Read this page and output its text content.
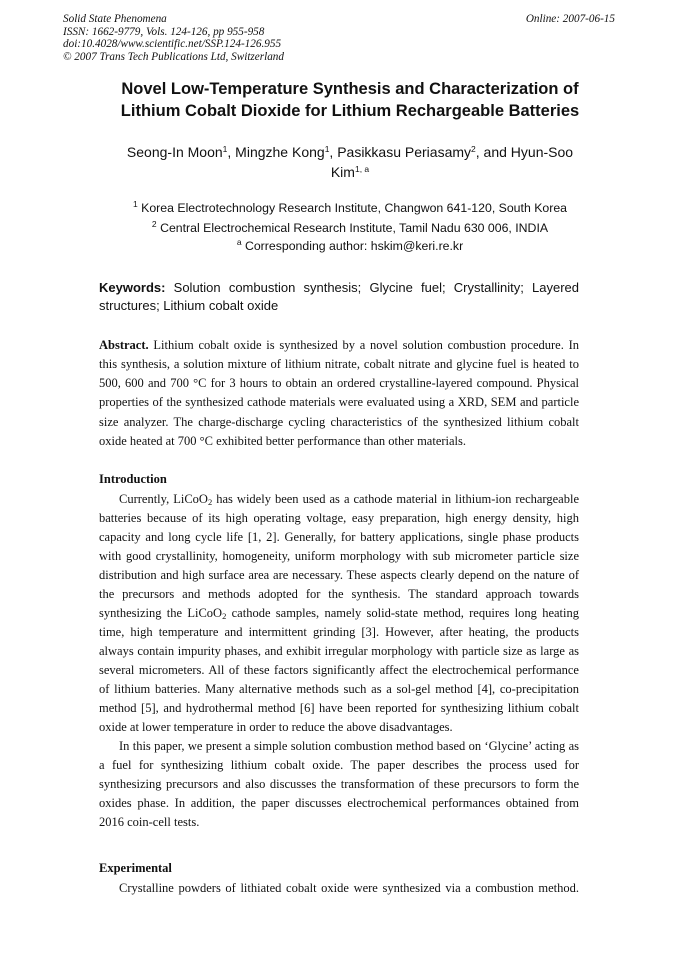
Solid State Phenomena
ISSN: 1662-9779, Vols. 124-126, pp 955-958
doi:10.4028/www.scientific.net/SSP.124-126.955
© 2007 Trans Tech Publications Ltd, Switzerland
Online: 2007-06-15
Novel Low-Temperature Synthesis and Characterization of
Lithium Cobalt Dioxide for Lithium Rechargeable Batteries
Seong-In Moon$^1$, Mingzhe Kong$^1$, Pasikkasu Periasamy$^2$, and Hyun-Soo
Kim$^{1, a}$
$^1$ Korea Electrotechnology Research Institute, Changwon 641-120, South Korea
$^2$ Central Electrochemical Research Institute, Tamil Nadu 630 006, INDIA
$^a$ Corresponding author: hskim@keri.re.kr
Keywords: Solution combustion synthesis; Glycine fuel; Crystallinity; Layered
structures; Lithium cobalt oxide
Abstract. Lithium cobalt oxide is synthesized by a novel solution combustion procedure. In
this synthesis, a solution mixture of lithium nitrate, cobalt nitrate and glycine fuel is heated to
500, 600 and 700 °C for 3 hours to obtain an ordered crystalline-layered compound. Physical
properties of the synthesized cathode materials were evaluated using a XRD, SEM and particle
size analyzer. The charge-discharge cycling characteristics of the synthesized lithium cobalt
oxide heated at 700 °C exhibited better performance than other materials.
Introduction
Currently, LiCoO$_2$ has widely been used as a cathode material in lithium-ion rechargeable
batteries because of its high operating voltage, easy preparation, high energy density, high
capacity and long cycle life [1, 2]. Generally, for battery applications, single phase products
with good crystallinity, homogeneity, uniform morphology with sub micrometer particle size
distribution and high surface area are necessary. These aspects clearly depend on the nature of
the precursors and methods adopted for the synthesis. The standard approach towards
synthesizing the LiCoO$_2$ cathode samples, namely solid-state method, requires long heating
time, high temperature and intermittent grinding [3]. However, after heating, the products
always contain impurity phases, and exhibit irregular morphology with particle size as large as
several micrometers. All of these factors significantly affect the electrochemical performance
of lithium batteries. Many alternative methods such as a sol-gel method [4], co-precipitation
method [5], and hydrothermal method [6] have been reported for synthesizing lithium cobalt
oxide at lower temperature in order to reduce the above disadvantages.
In this paper, we present a simple solution combustion method based on ‘Glycine’ acting as
a fuel for synthesizing lithium cobalt oxide. The paper describes the process used for
synthesizing precursors and also discusses the transformation of these precursors to form the
oxides phase. In addition, the paper discusses electrochemical performances obtained from
2016 coin-cell tests.
Experimental
Crystalline powders of lithiated cobalt oxide were synthesized via a combustion method.
